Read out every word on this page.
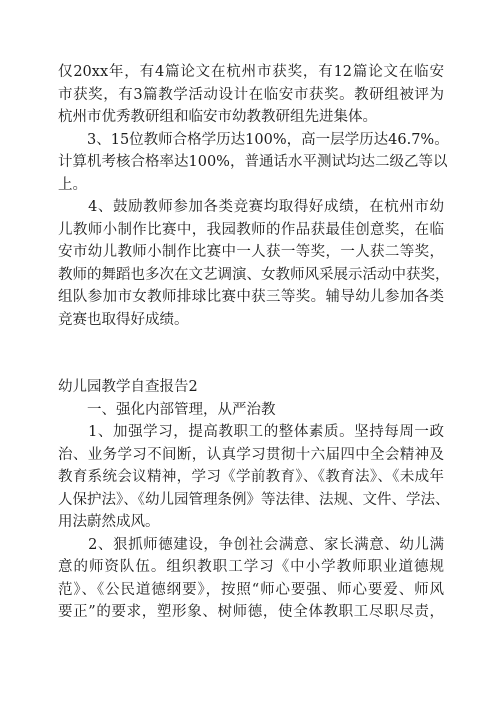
仅20xx年，有4篇论文在杭州市获奖，有12篇论文在临安
市获奖，有3篇教学活动设计在临安市获奖。教研组被评为
杭州市优秀教研组和临安市幼教教研组先进集体。
　　3、15位教师合格学历达100%，高一层学历达46.7%。
计算机考核合格率达100%，普通话水平测试均达二级乙等以
上。
　　4、鼓励教师参加各类竞赛均取得好成绩，在杭州市幼
儿教师小制作比赛中，我园教师的作品获最佳创意奖，在临
安市幼儿教师小制作比赛中一人获一等奖，一人获二等奖，
教师的舞蹈也多次在文艺调演、女教师风采展示活动中获奖，
组队参加市女教师排球比赛中获三等奖。辅导幼儿参加各类
竞赛也取得好成绩。
幼儿园教学自查报告2
　　一、强化内部管理，从严治教
　　1、加强学习，提高教职工的整体素质。坚持每周一政
治、业务学习不间断，认真学习贯彻十六届四中全会精神及
教育系统会议精神，学习《学前教育》、《教育法》、《未成年
人保护法》、《幼儿园管理条例》等法律、法规、文件、学法、
用法蔚然成风。
　　2、狠抓师德建设，争创社会满意、家长满意、幼儿满
意的师资队伍。组织教职工学习《中小学教师职业道德规
范》、《公民道德纲要》，按照“师心要强、师心要爱、师风
要正”的要求，塑形象、树师德，使全体教职工尽职尽责，
